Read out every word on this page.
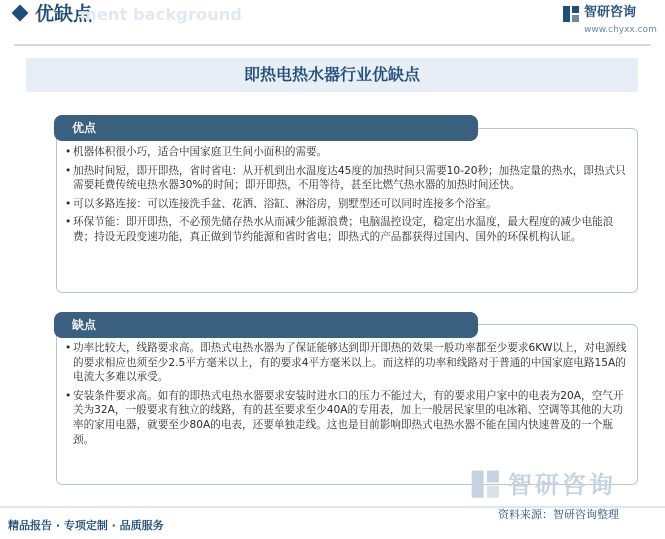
优缺点
ment background	智研咨询
www.chyxx.com
即热电热水器行业优缺点
• 机器体积很小巧，适合中国家庭卫生间小面积的需要。
• 加热时间短，即开即热，省时省电：从开机到出水温度达45度的加热时间只需要10-20秒；加热定量的热水，即热式只需要耗费传统电热水器30%的时间；即开即热，不用等待，甚至比燃气热水器的加热时间还快。
• 可以多路连接：可以连接洗手盆、花洒、浴缸、淋浴房，别墅型还可以同时连接多个浴室。
• 环保节能：即开即热，不必预先储存热水从而减少能源浪费；电脑温控设定，稳定出水温度，最大程度的减少电能浪费；持设无段变速功能，真正做到节约能源和省时省电；即热式的产品都获得过国内、国外的环保机构认证。
优点
• 功率比较大，线路要求高。即热式电热水器为了保证能够达到即开即热的效果一般功率都至少要求6KW以上，对电源线的要求相应也须至少2.5平方毫米以上，有的要求4平方毫米以上。而这样的功率和线路对于普通的中国家庭电路15A的电流大多难以承受。
• 安装条件要求高。如有的即热式电热水器要求安装时进水口的压力不能过大，有的要求用户家中的电表为20A，空气开关为32A，一般要求有独立的线路，有的甚至要求至少40A的专用表，加上一般居民家里的电冰箱、空调等其他的大功率的家用电器，就要至少80A的电表，还要单独走线。这也是目前影响即热式电热水器不能在国内快速普及的一个瓶颈。
缺点
智研咨询
精品报告 · 专项定制 · 品质服务
资料来源：智研咨询整理
